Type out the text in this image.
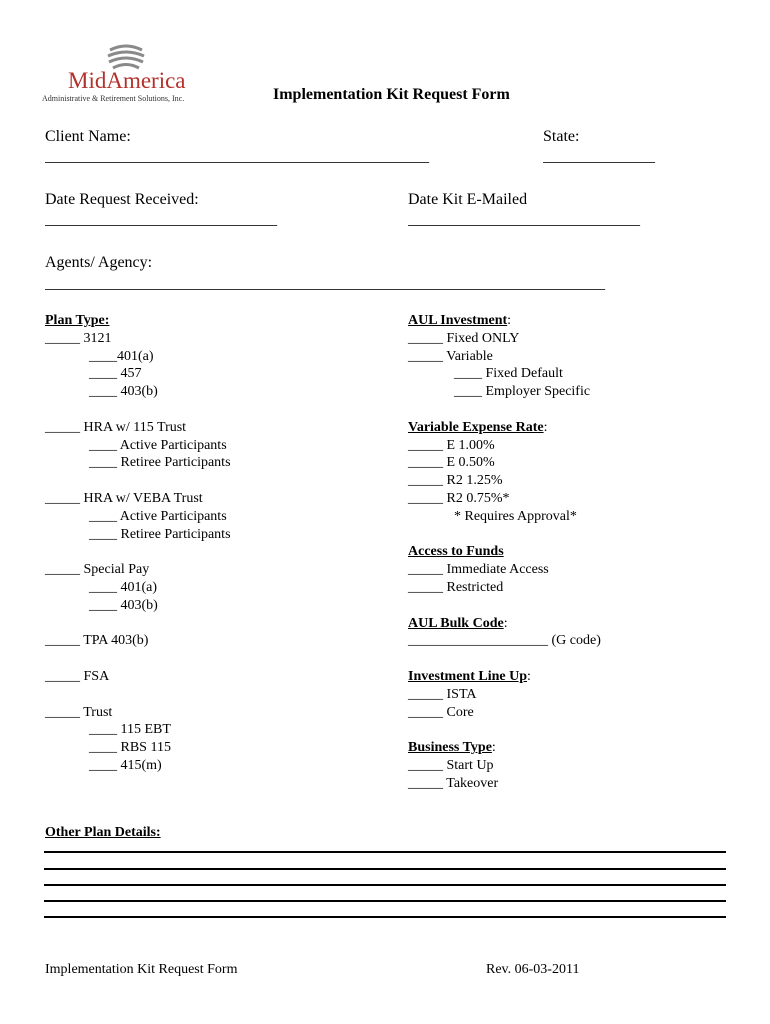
MidAmerica
Administrative & Retirement Solutions, Inc.	Implementation Kit Request Form
Client Name:
________________________________________________
State:
______________
Date Request Received:
_____________________________
Date Kit E-Mailed
_____________________________
Agents/ Agency:
______________________________________________________________________
Plan Type:
_____ 3121
____401(a)
____ 457
____ 403(b)
_____ HRA w/ 115 Trust
____ Active Participants
____ Retiree Participants
_____ HRA w/ VEBA Trust
____ Active Participants
____ Retiree Participants
_____ Special Pay
____ 401(a)
____ 403(b)
_____ TPA 403(b)
_____ FSA
_____ Trust
____ 115 EBT
____ RBS 115
____ 415(m)
AUL Investment:
_____ Fixed ONLY
_____ Variable
____ Fixed Default
____ Employer Specific
Variable Expense Rate:
_____ E 1.00%
_____ E 0.50%
_____ R2 1.25%
_____ R2 0.75%*
* Requires Approval*
Access to Funds
_____ Immediate Access
_____ Restricted
AUL Bulk Code:
____________________ (G code)
Investment Line Up:
_____ ISTA
_____ Core
Business Type:
_____ Start Up
_____ Takeover
Other Plan Details:
Implementation Kit Request Form	Rev. 06-03-2011
